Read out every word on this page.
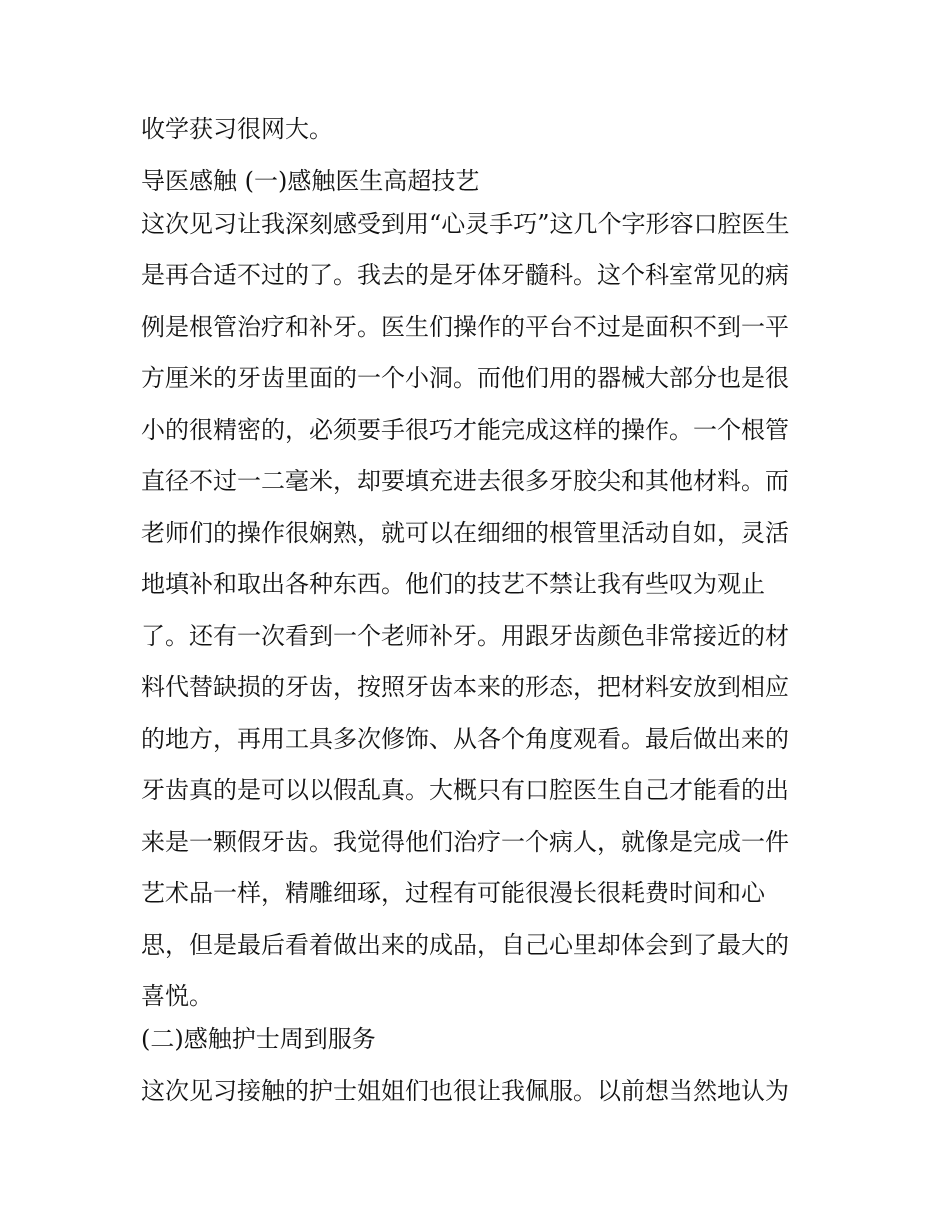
收学获习很网大。
导医感触 (一)感触医生高超技艺
这次见习让我深刻感受到用“心灵手巧”这几个字形容口腔医生
是再合适不过的了。我去的是牙体牙髓科。这个科室常见的病
例是根管治疗和补牙。医生们操作的平台不过是面积不到一平
方厘米的牙齿里面的一个小洞。而他们用的器械大部分也是很
小的很精密的，必须要手很巧才能完成这样的操作。一个根管
直径不过一二毫米，却要填充进去很多牙胶尖和其他材料。而
老师们的操作很娴熟，就可以在细细的根管里活动自如，灵活
地填补和取出各种东西。他们的技艺不禁让我有些叹为观止
了。还有一次看到一个老师补牙。用跟牙齿颜色非常接近的材
料代替缺损的牙齿，按照牙齿本来的形态，把材料安放到相应
的地方，再用工具多次修饰、从各个角度观看。最后做出来的
牙齿真的是可以以假乱真。大概只有口腔医生自己才能看的出
来是一颗假牙齿。我觉得他们治疗一个病人，就像是完成一件
艺术品一样，精雕细琢，过程有可能很漫长很耗费时间和心
思，但是最后看着做出来的成品，自己心里却体会到了最大的
喜悦。
(二)感触护士周到服务
这次见习接触的护士姐姐们也很让我佩服。以前想当然地认为
